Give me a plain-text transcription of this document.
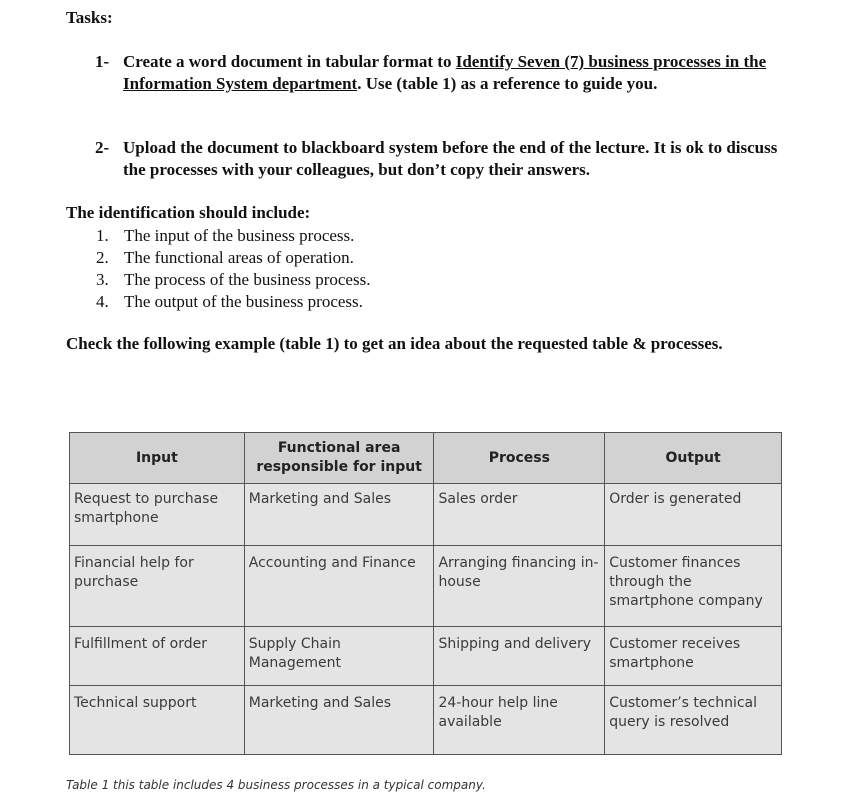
Tasks:
1- Create a word document in tabular format to Identify Seven (7) business processes in the Information System department. Use (table 1) as a reference to guide you.
2- Upload the document to blackboard system before the end of the lecture. It is ok to discuss the processes with your colleagues, but don’t copy their answers.
The identification should include:
1. The input of the business process.
2. The functional areas of operation.
3. The process of the business process.
4. The output of the business process.
Check the following example (table 1) to get an idea about the requested table & processes.
Input	Functional area responsible for input	Process	Output
Request to purchase smartphone	Marketing and Sales	Sales order	Order is generated
Financial help for purchase	Accounting and Finance	Arranging financing in-house	Customer finances through the smartphone company
Fulfillment of order	Supply Chain Management	Shipping and delivery	Customer receives smartphone
Technical support	Marketing and Sales	24-hour help line available	Customer’s technical query is resolved
Table 1 this table includes 4 business processes in a typical company.
